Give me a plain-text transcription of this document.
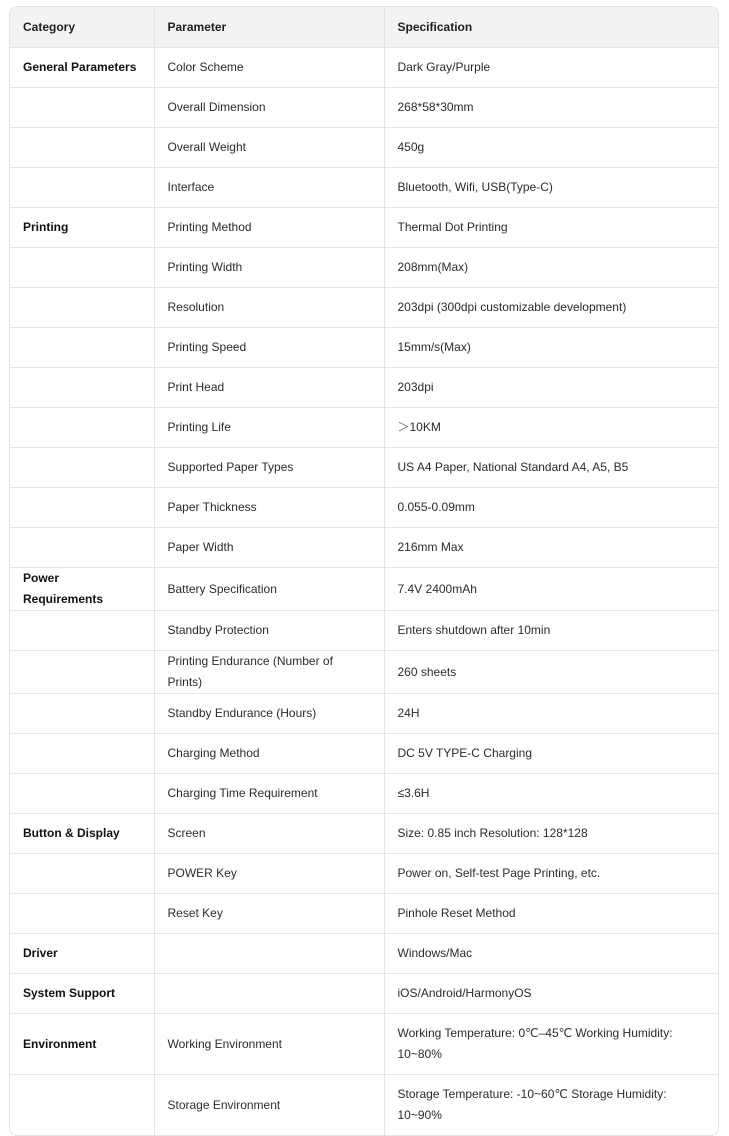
Category	Parameter	Specification
General Parameters	Color Scheme	Dark Gray/Purple
	Overall Dimension	268*58*30mm
	Overall Weight	450g
	Interface	Bluetooth, Wifi, USB(Type-C)
Printing	Printing Method	Thermal Dot Printing
	Printing Width	208mm(Max)
	Resolution	203dpi (300dpi customizable development)
	Printing Speed	15mm/s(Max)
	Print Head	203dpi
	Printing Life	＞10KM
	Supported Paper Types	US A4 Paper, National Standard A4, A5, B5
	Paper Thickness	0.055-0.09mm
	Paper Width	216mm Max
Power Requirements	Battery Specification	7.4V 2400mAh
	Standby Protection	Enters shutdown after 10min
	Printing Endurance (Number of Prints)	260 sheets
	Standby Endurance (Hours)	24H
	Charging Method	DC 5V TYPE-C Charging
	Charging Time Requirement	≤3.6H
Button & Display	Screen	Size: 0.85 inch Resolution: 128*128
	POWER Key	Power on, Self-test Page Printing, etc.
	Reset Key	Pinhole Reset Method
Driver		Windows/Mac
System Support		iOS/Android/HarmonyOS
Environment	Working Environment	Working Temperature: 0℃–45℃ Working Humidity: 10~80%
	Storage Environment	Storage Temperature: -10~60℃ Storage Humidity: 10~90%
